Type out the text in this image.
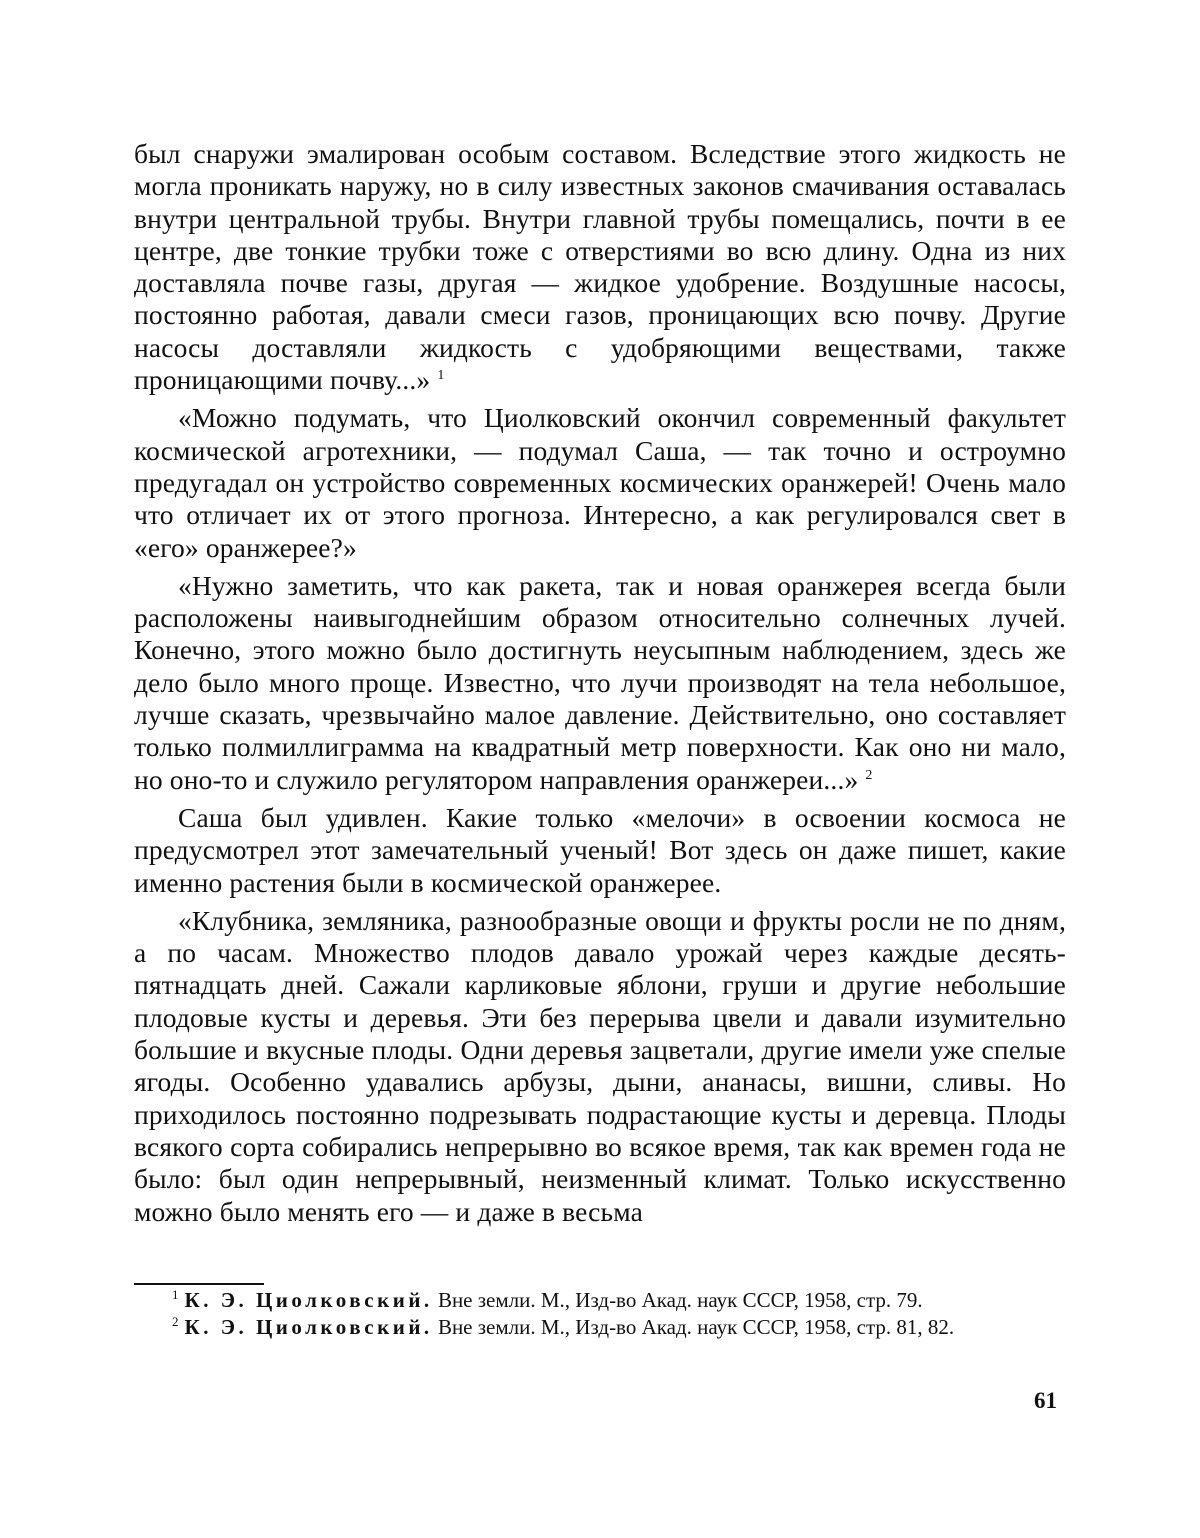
был снаружи эмалирован особым составом. Вследствие этого жидкость не могла проникать наружу, но в силу известных законов смачивания оставалась внутри центральной трубы. Внутри главной трубы помещались, почти в ее центре, две тонкие трубки тоже с отверстиями во всю длину. Одна из них доставляла почве газы, другая — жидкое удобрение. Воздушные насосы, постоянно работая, давали смеси газов, проницающих всю почву. Другие насосы доставляли жидкость с удобряющими веществами, также проницающими почву...» $^1$

«Можно подумать, что Циолковский окончил современный факультет космической агротехники, — подумал Саша, — так точно и остроумно предугадал он устройство современных космических оранжерей! Очень мало что отличает их от этого прогноза. Интересно, а как регулировался свет в «его» оранжерее?»

«Нужно заметить, что как ракета, так и новая оранжерея всегда были расположены наивыгоднейшим образом относительно солнечных лучей. Конечно, этого можно было достигнуть неусыпным наблюдением, здесь же дело было много проще. Известно, что лучи производят на тела небольшое, лучше сказать, чрезвычайно малое давление. Действительно, оно составляет только полмиллиграмма на квадратный метр поверхности. Как оно ни мало, но оно-то и служило регулятором направления оранжереи...» $^2$

Саша был удивлен. Какие только «мелочи» в освоении космоса не предусмотрел этот замечательный ученый! Вот здесь он даже пишет, какие именно растения были в космической оранжерее.

«Клубника, земляника, разнообразные овощи и фрукты росли не по дням, а по часам. Множество плодов давало урожай через каждые десять-пятнадцать дней. Сажали карликовые яблони, груши и другие небольшие плодовые кусты и деревья. Эти без перерыва цвели и давали изумительно большие и вкусные плоды. Одни деревья зацветали, другие имели уже спелые ягоды. Особенно удавались арбузы, дыни, ананасы, вишни, сливы. Но приходилось постоянно подрезывать подрастающие кусты и деревца. Плоды всякого сорта собирались непрерывно во всякое время, так как времен года не было: был один непрерывный, неизменный климат. Только искусственно можно было менять его — и даже в весьма

$^1$ К. Э. Циолковский. Вне земли. М., Изд-во Акад. наук СССР, 1958, стр. 79.
$^2$ К. Э. Циолковский. Вне земли. М., Изд-во Акад. наук СССР, 1958, стр. 81, 82.
61
